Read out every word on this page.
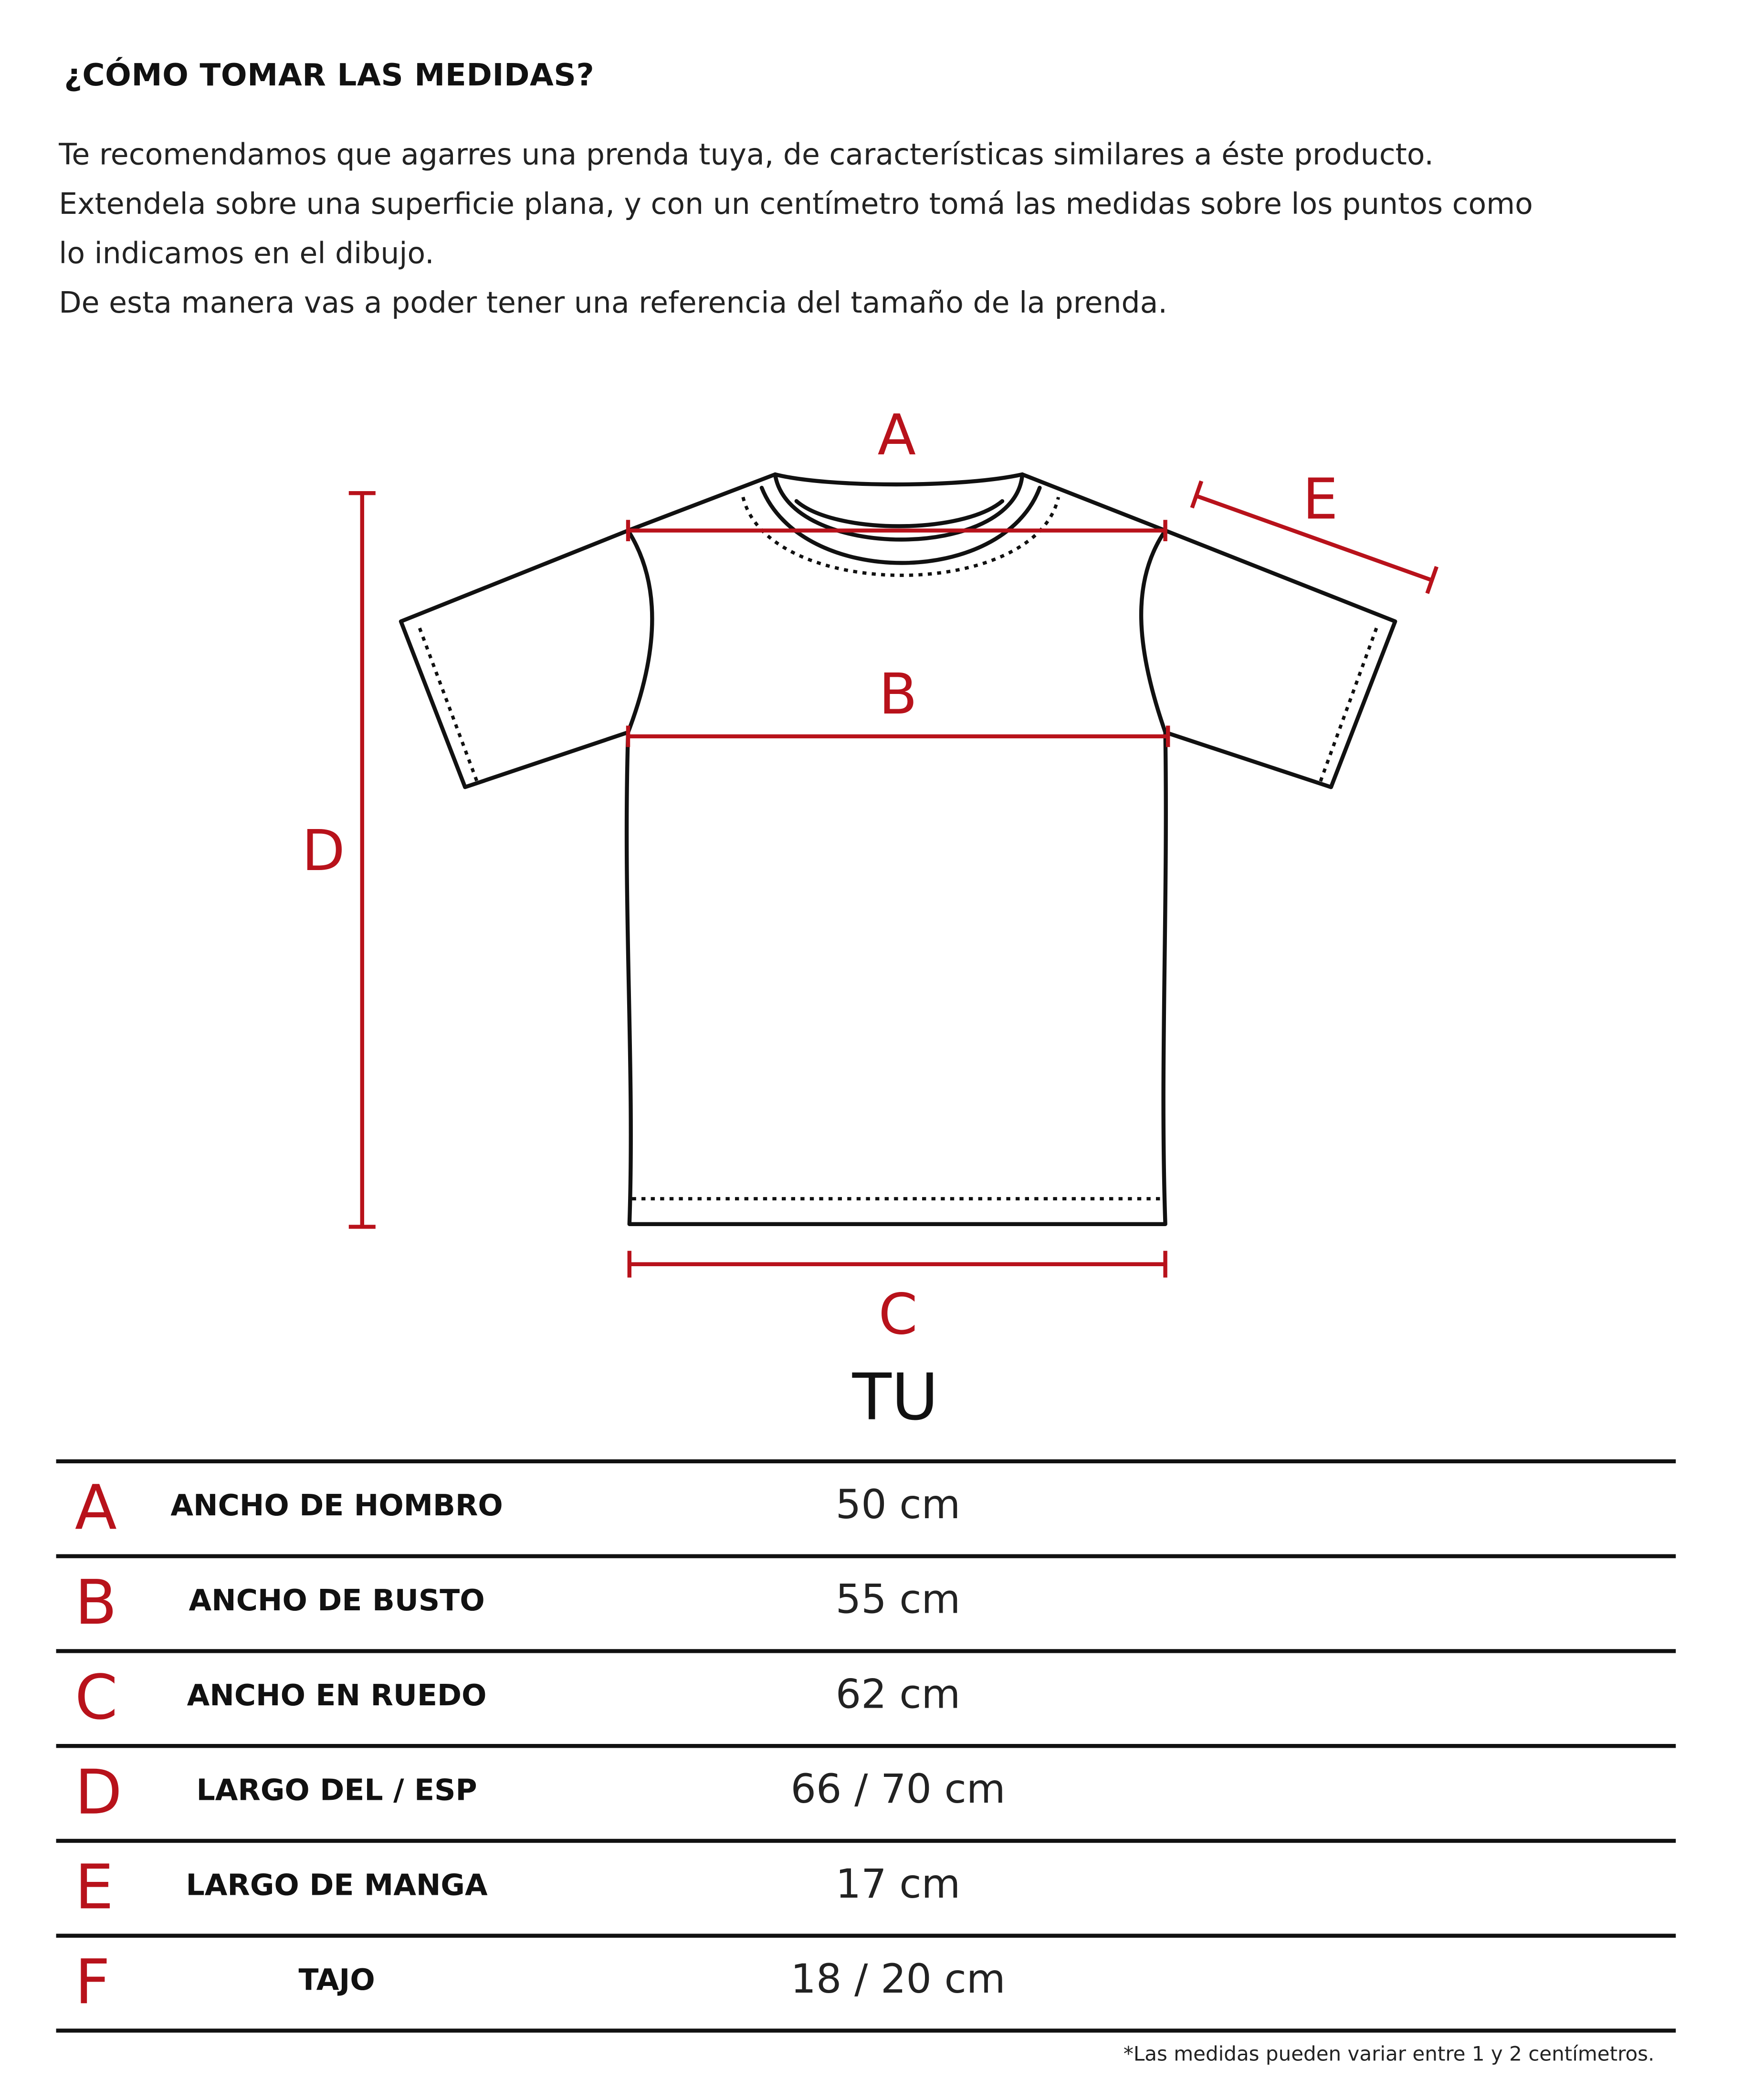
¿CÓMO TOMAR LAS MEDIDAS?

Te recomendamos que agarres una prenda tuya, de características similares a éste producto.

Extendela sobre una superficie plana, y con un centímetro tomá las medidas sobre los puntos como

lo indicamos en el dibujo.

De esta manera vas a poder tener una referencia del tamaño de la prenda.

A
B
C
D
E
TU
A	ANCHO DE HOMBRO	50 cm
B	ANCHO DE BUSTO	55 cm
C	ANCHO EN RUEDO	62 cm
D	LARGO DEL / ESP	66 / 70 cm
E	LARGO DE MANGA	17 cm
F	TAJO	18 / 20 cm

*Las medidas pueden variar entre 1 y 2 centímetros.
